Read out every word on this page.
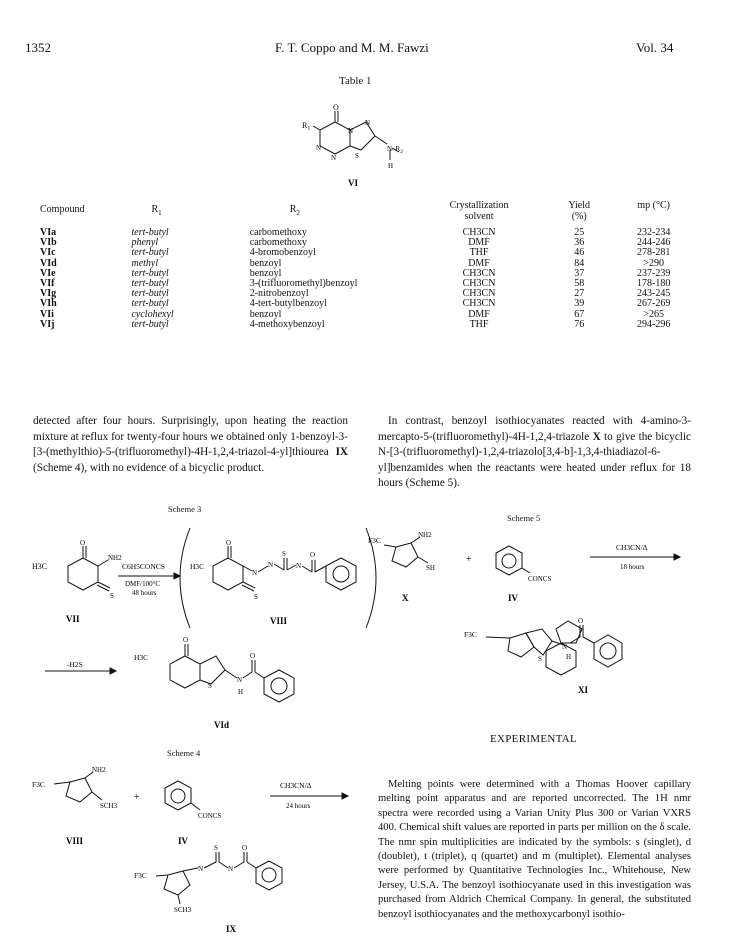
1352	F. T. Coppo and M. M. Fawzi	Vol. 34
Table 1
O
$R_1$	N
N
N
N	S
$N-R_2$
H
VI
Compound	$R_1$	$R_2$	Crystallization
solvent	Yield
(%)	mp (°C)
VIa	tert-butyl	carbomethoxy	CH3CN	25	232-234
VIb	phenyl	carbomethoxy	DMF	36	244-246
VIc	tert-butyl	4-bromobenzoyl	THF	46	278-281
VId	methyl	benzoyl	DMF	84	>290
VIe	tert-butyl	benzoyl	CH3CN	37	237-239
VIf	tert-butyl	3-(trifluoromethyl)benzoyl	CH3CN	58	178-180
VIg	tert-butyl	2-nitrobenzoyl	CH3CN	27	243-245
VIh	tert-butyl	4-tert-butylbenzoyl	CH3CN	39	267-269
VIi	cyclohexyl	benzoyl	DMF	67	>265
VIj	tert-butyl	4-methoxybenzoyl	THF	76	294-296
detected after four hours. Surprisingly, upon heating the reaction mixture at reflux for twenty-four hours we obtained only 1-benzoyl-3-[3-(methylthio)-5-(trifluoromethyl)-4H-1,2,4-triazol-4-yl]thiourea IX (Scheme 4), with no evidence of a bicyclic product.
In contrast, benzoyl isothiocyanates reacted with 4-amino-3-mercapto-5-(trifluoromethyl)-4H-1,2,4-triazole X to give the bicyclic N-[3-(trifluoromethyl)-1,2,4-triazolo[3,4-b]-1,3,4-thiadiazol-6-yl]benzamides when the reactants were heated under reflux for 18 hours (Scheme 5).
Scheme 3
H3C
O
NH2
S
VII
C6H5CONCS
DMF/100°C
48 hours
H3C
O
N
N
S
N
O
S
VIII
-H2S
H3C
O
S
N
H
O
VId
Scheme 4
F3C
NH2
SCH3
VIII
+
CONCS
IV
CH3CN/Δ
24 hours
F3C
N
S
N
O
SCH3
IX
Scheme 5
F3C
NH2
SH
X
+
CONCS
IV
CH3CN/Δ
18 hours
F3C
N
H
O
S
XI
EXPERIMENTAL
Melting points were determined with a Thomas Hoover capillary melting point apparatus and are reported uncorrected. The 1H nmr spectra were recorded using a Varian Unity Plus 300 or Varian VXRS 400. Chemical shift values are reported in parts per million on the δ scale. The nmr spin multiplicities are indicated by the symbols: s (singlet), d (doublet), t (triplet), q (quartet) and m (multiplet). Elemental analyses were performed by Quantitative Technologies Inc., Whitehouse, New Jersey, U.S.A. The benzoyl isothiocyanate used in this investigation was purchased from Aldrich Chemical Company. In general, the substituted benzoyl isothiocyanates and the methoxycarbonyl isothio-
